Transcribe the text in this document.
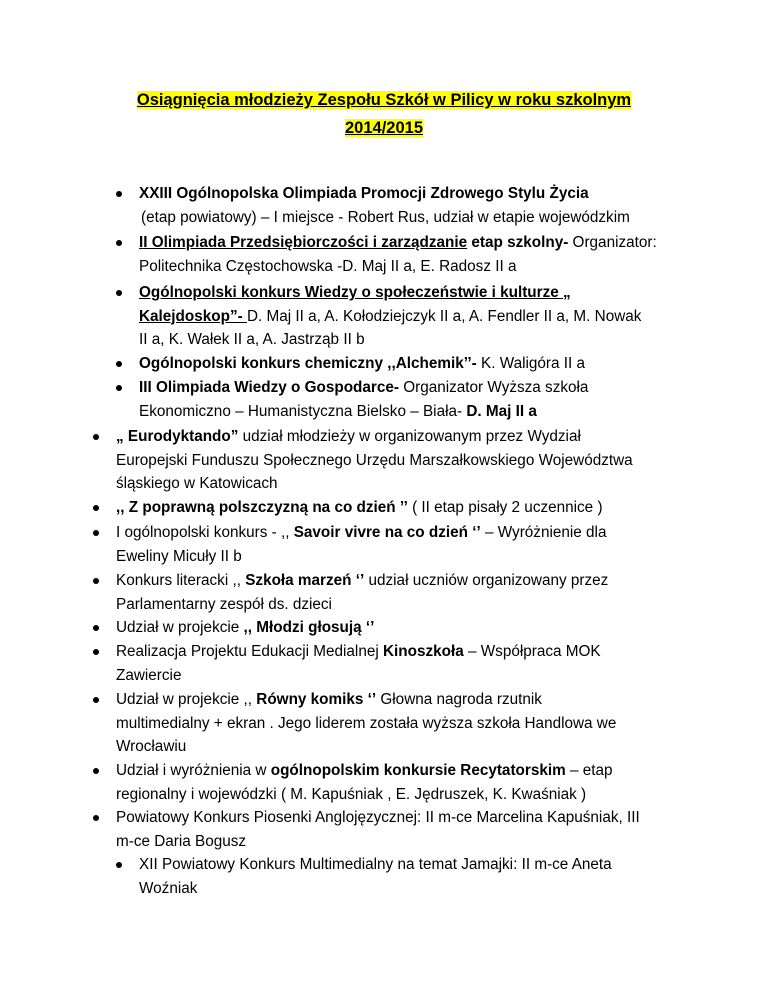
Osiągnięcia młodzieży Zespołu Szkół w Pilicy w roku szkolnym
2014/2015
XXIII Ogólnopolska Olimpiada Promocji Zdrowego Stylu Życia
(etap powiatowy) – I miejsce - Robert Rus, udział w etapie wojewódzkim
II Olimpiada Przedsiębiorczości i zarządzanie etap szkolny- Organizator:
Politechnika Częstochowska -D. Maj II a, E. Radosz II a
Ogólnopolski konkurs Wiedzy o społeczeństwie i kulturze „
Kalejdoskop”- D. Maj II a, A. Kołodziejczyk II a, A. Fendler II a, M. Nowak
II a, K. Wałek II a, A. Jastrząb II b
Ogólnopolski konkurs chemiczny ,,Alchemik’’- K. Waligóra II a
III Olimpiada Wiedzy o Gospodarce- Organizator Wyższa szkoła
Ekonomiczno – Humanistyczna Bielsko – Biała- D. Maj II a
„ Eurodyktando” udział młodzieży w organizowanym przez Wydział
Europejski Funduszu Społecznego Urzędu Marszałkowskiego Województwa
śląskiego w Katowicach
,, Z poprawną polszczyzną na co dzień ’’ ( II etap pisały 2 uczennice )
I ogólnopolski konkurs - ,, Savoir vivre na co dzień ‘’ – Wyróżnienie dla
Eweliny Micuły II b
Konkurs literacki ,, Szkoła marzeń ‘’ udział uczniów organizowany przez
Parlamentarny zespół ds. dzieci
Udział w projekcie ,, Młodzi głosują ‘’
Realizacja Projektu Edukacji Medialnej Kinoszkoła – Współpraca MOK
Zawiercie
Udział w projekcie ,, Równy komiks ‘’ Głowna nagroda rzutnik
multimedialny + ekran . Jego liderem została wyższa szkoła Handlowa we
Wrocławiu
Udział i wyróżnienia w ogólnopolskim konkursie Recytatorskim – etap
regionalny i wojewódzki ( M. Kapuśniak , E. Jędruszek, K. Kwaśniak )
Powiatowy Konkurs Piosenki Anglojęzycznej: II m-ce Marcelina Kapuśniak, III
m-ce Daria Bogusz
XII Powiatowy Konkurs Multimedialny na temat Jamajki: II m-ce Aneta
Woźniak
